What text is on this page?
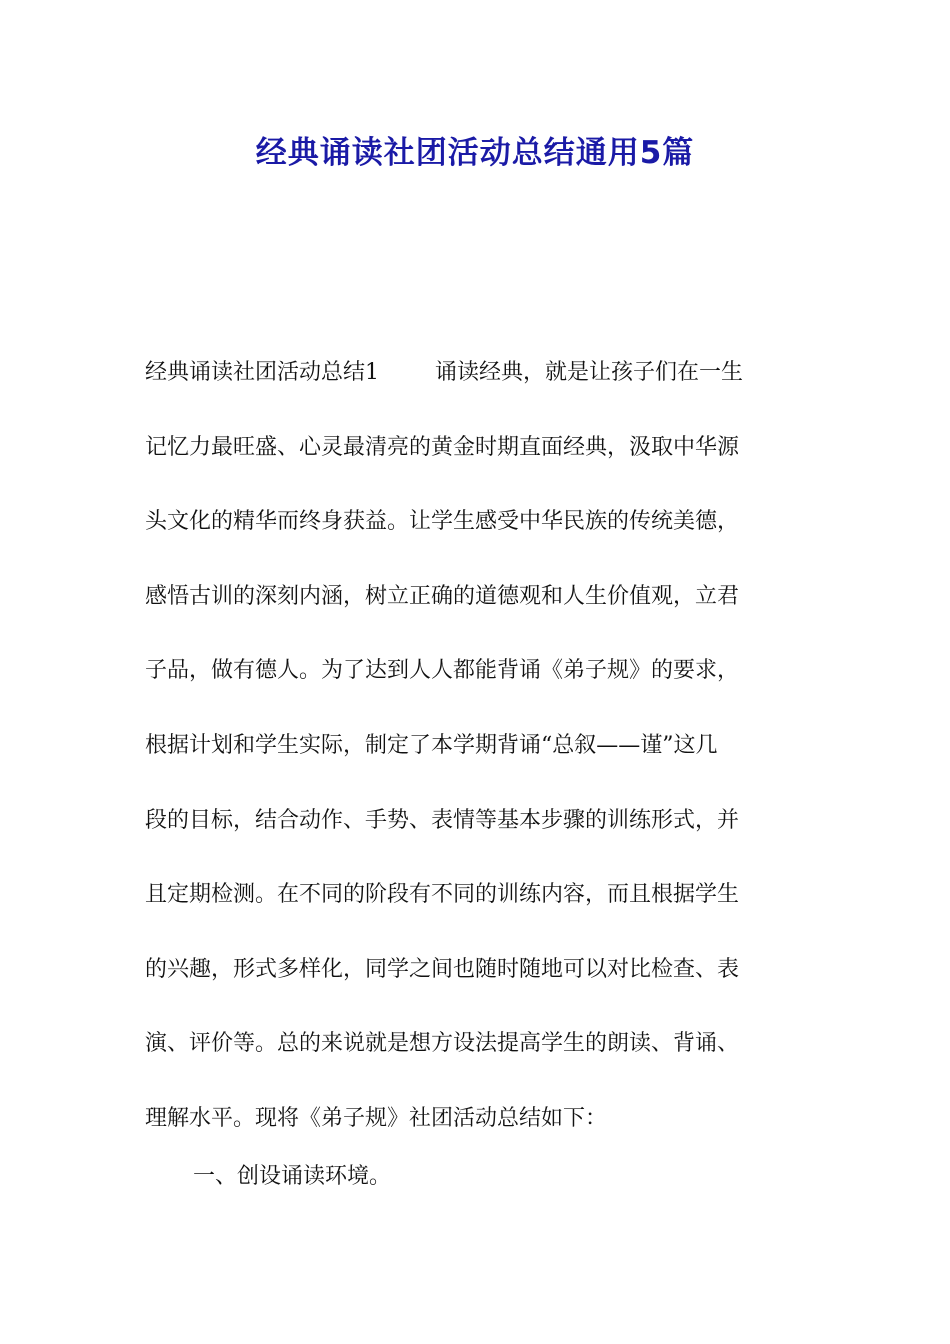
经典诵读社团活动总结通用5篇
经典诵读社团活动总结1	诵读经典，就是让孩子们在一生
记忆力最旺盛、心灵最清亮的黄金时期直面经典，汲取中华源
头文化的精华而终身获益。让学生感受中华民族的传统美德，
感悟古训的深刻内涵，树立正确的道德观和人生价值观，立君
子品，做有德人。为了达到人人都能背诵《弟子规》的要求，
根据计划和学生实际，制定了本学期背诵“总叙——谨”这几
段的目标，结合动作、手势、表情等基本步骤的训练形式，并
且定期检测。在不同的阶段有不同的训练内容，而且根据学生
的兴趣，形式多样化，同学之间也随时随地可以对比检查、表
演、评价等。总的来说就是想方设法提高学生的朗读、背诵、
理解水平。现将《弟子规》社团活动总结如下：

一、创设诵读环境。
